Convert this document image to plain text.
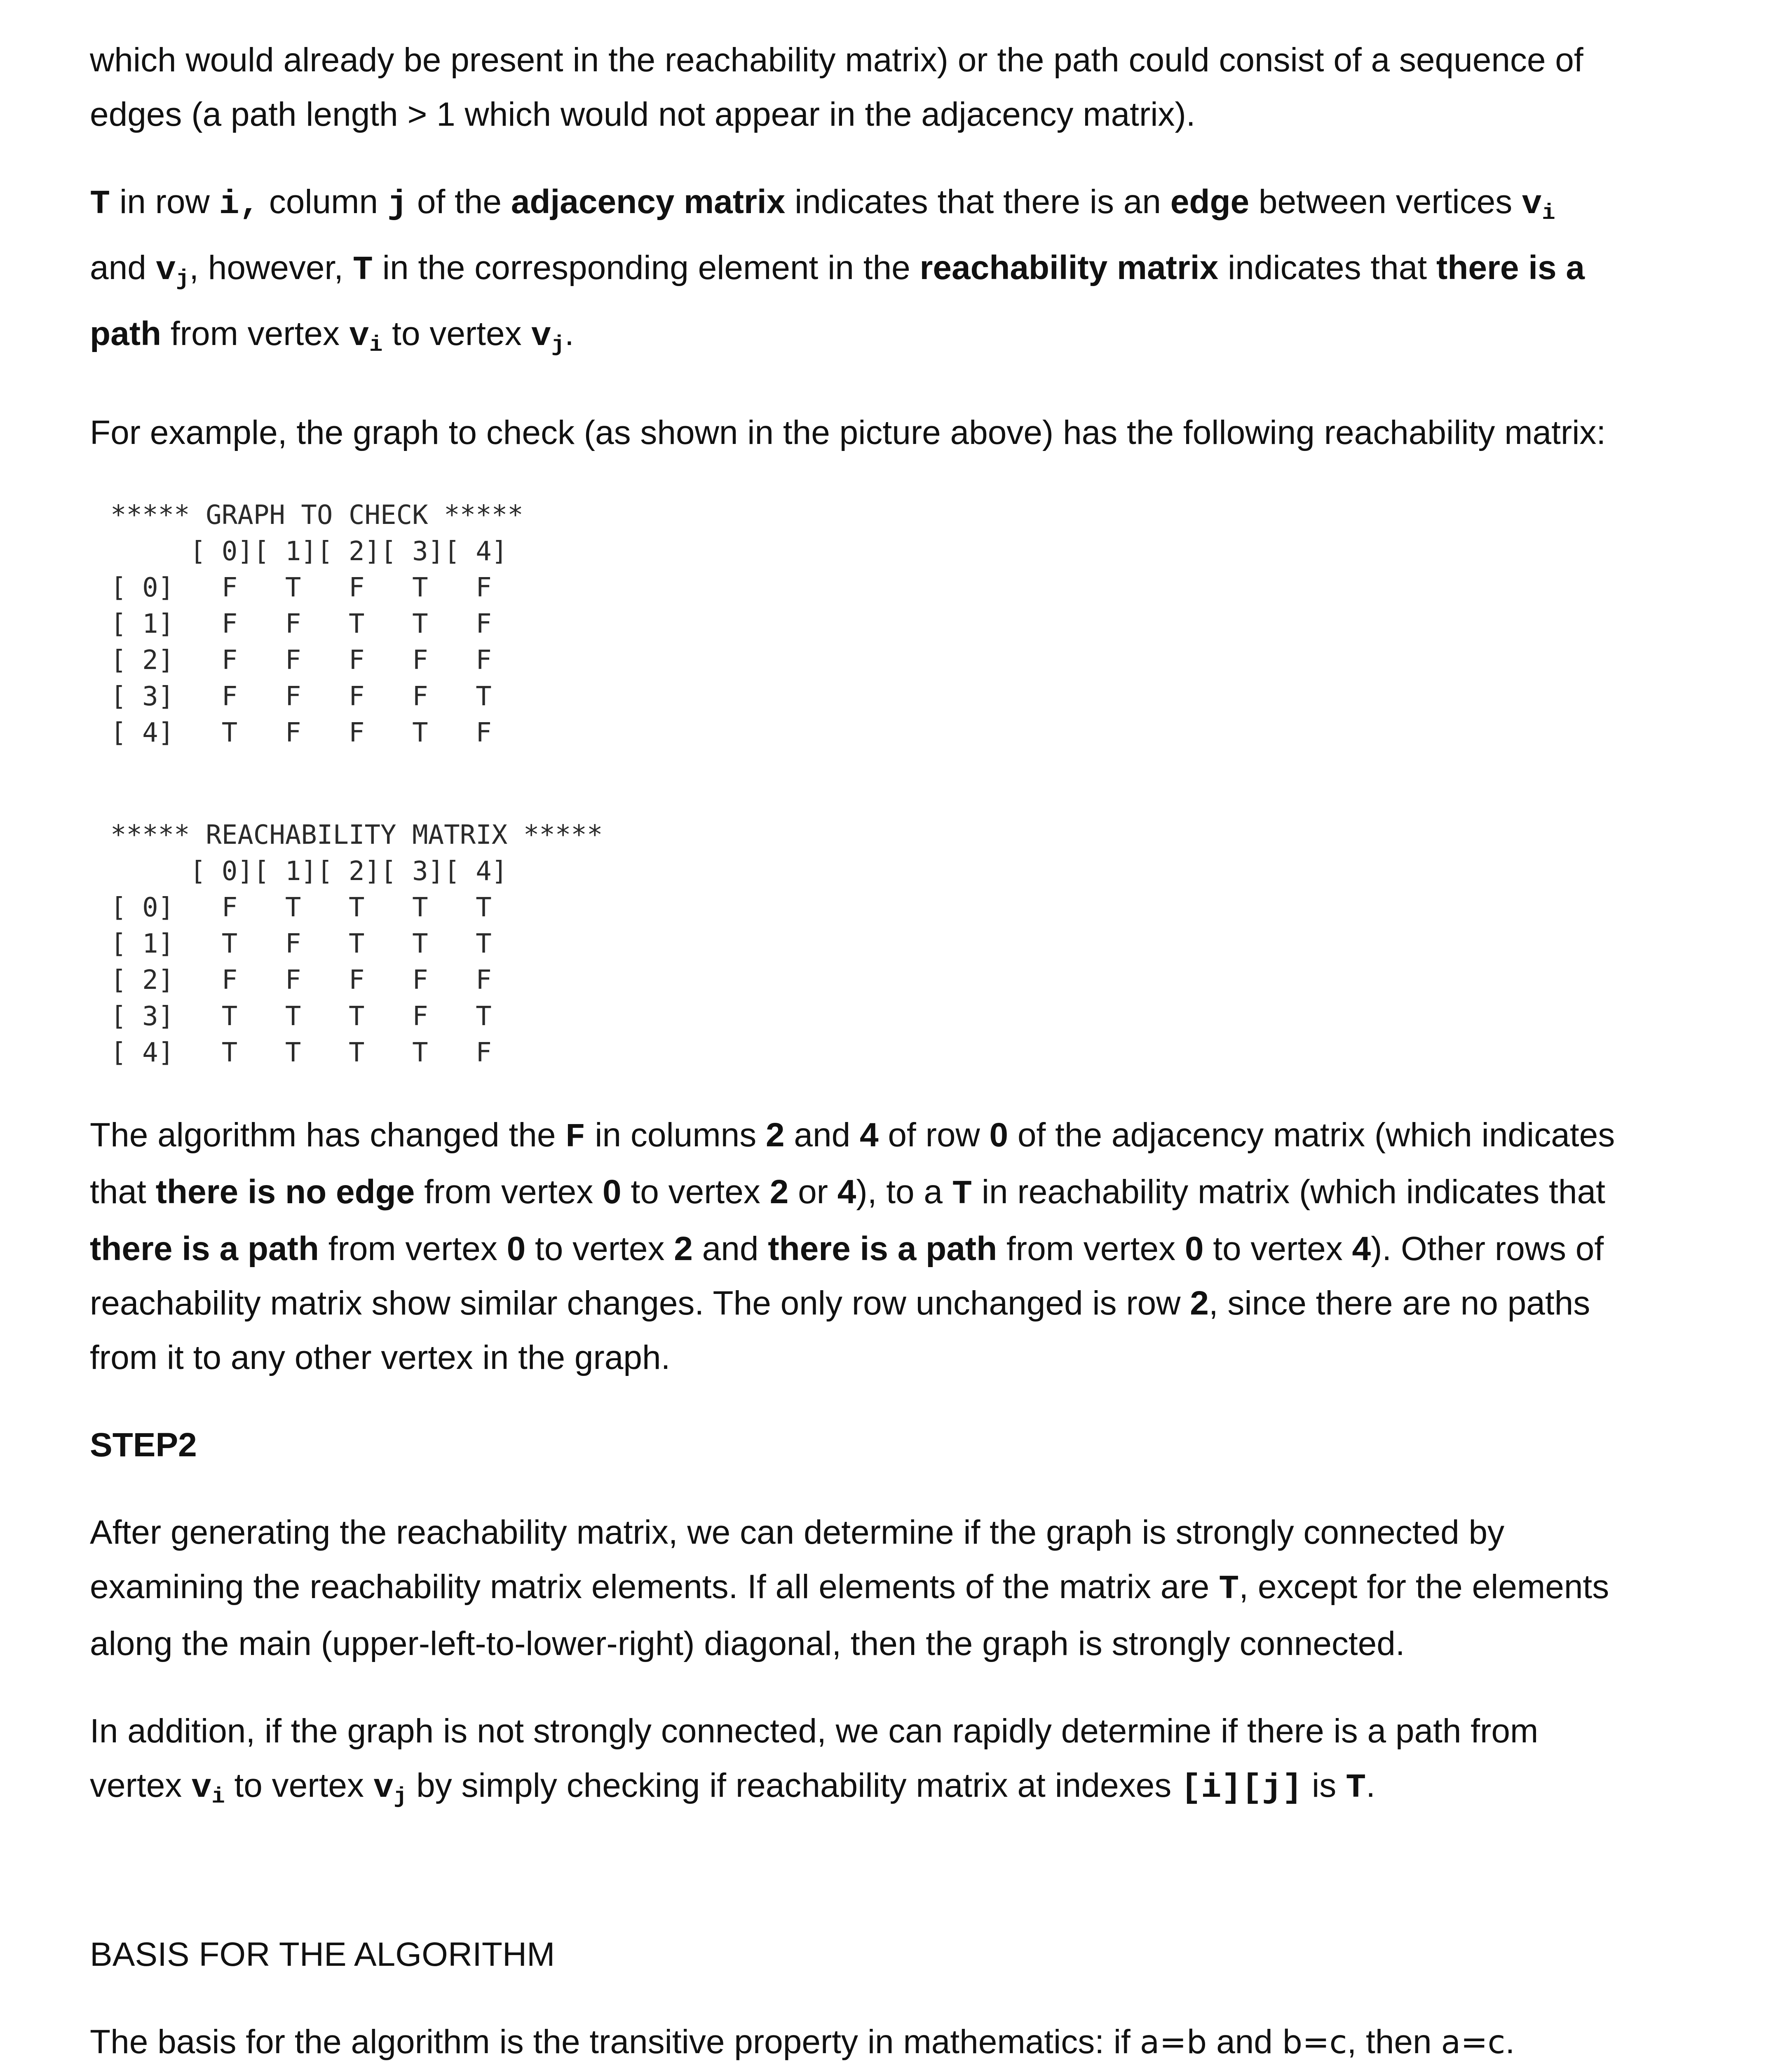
which would already be present in the reachability matrix) or the path could consist of a sequence of
edges (a path length > 1 which would not appear in the adjacency matrix).

T in row i, column j of the adjacency matrix indicates that there is an edge between vertices $v_i$
and $v_j$, however, T in the corresponding element in the reachability matrix indicates that there is a
path from vertex $v_i$ to vertex $v_j$.

For example, the graph to check (as shown in the picture above) has the following reachability matrix:

***** GRAPH TO CHECK *****
[ 0][ 1][ 2][ 3][ 4]
[ 0]   F   T   F   T   F
[ 1]   F   F   T   T   F
[ 2]   F   F   F   F   F
[ 3]   F   F   F   F   T
[ 4]   T   F   F   T   F
***** REACHABILITY MATRIX *****
[ 0][ 1][ 2][ 3][ 4]
[ 0]   F   T   T   T   T
[ 1]   T   F   T   T   T
[ 2]   F   F   F   F   F
[ 3]   T   T   T   F   T
[ 4]   T   T   T   T   F

The algorithm has changed the F in columns 2 and 4 of row 0 of the adjacency matrix (which indicates
that there is no edge from vertex 0 to vertex 2 or 4), to a T in reachability matrix (which indicates that
there is a path from vertex 0 to vertex 2 and there is a path from vertex 0 to vertex 4). Other rows of
reachability matrix show similar changes. The only row unchanged is row 2, since there are no paths
from it to any other vertex in the graph.

STEP2

After generating the reachability matrix, we can determine if the graph is strongly connected by
examining the reachability matrix elements. If all elements of the matrix are T, except for the elements
along the main (upper-left-to-lower-right) diagonal, then the graph is strongly connected.

In addition, if the graph is not strongly connected, we can rapidly determine if there is a path from
vertex $v_i$ to vertex $v_j$ by simply checking if reachability matrix at indexes [i][j] is T.

BASIS FOR THE ALGORITHM

The basis for the algorithm is the transitive property in mathematics: if a=b and b=c, then a=c.
